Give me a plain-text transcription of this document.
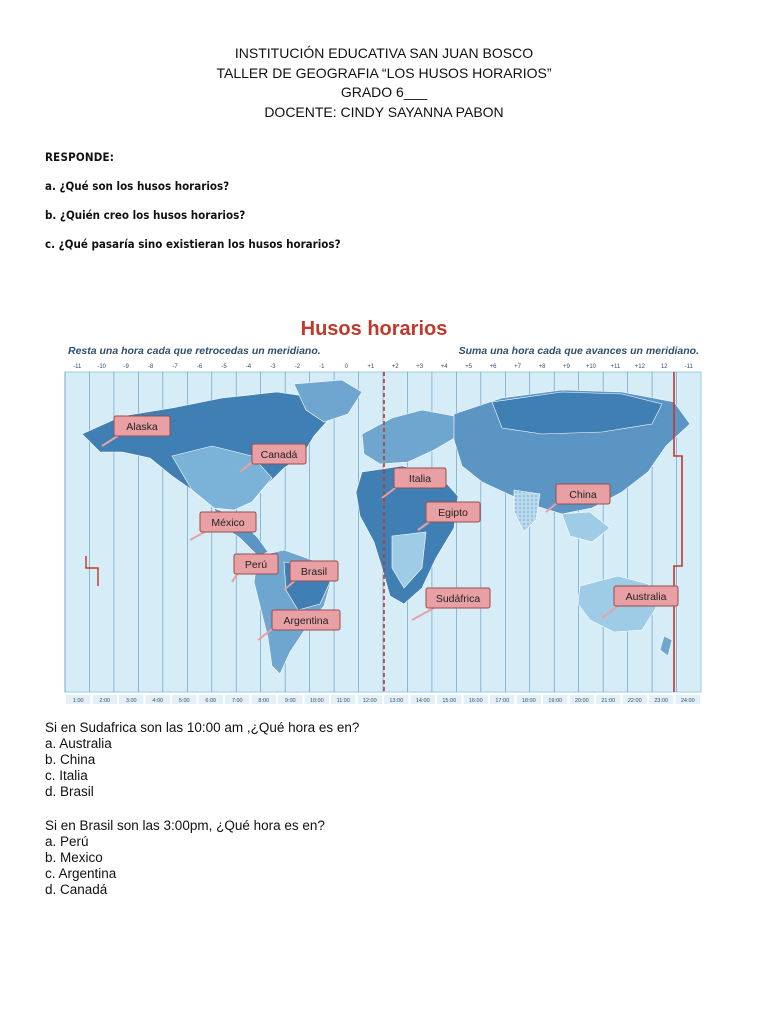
INSTITUCIÓN EDUCATIVA SAN JUAN BOSCO
TALLER DE GEOGRAFIA “LOS HUSOS HORARIOS”
GRADO 6___
DOCENTE: CINDY SAYANNA PABON
RESPONDE:
a. ¿Qué son los husos horarios?
b. ¿Quién creo los husos horarios?
c. ¿Qué pasaría sino existieran los husos horarios?
Husos horarios
Resta una hora cada que retrocedas un meridiano.	Suma una hora cada que avances un meridiano.
-11	-10	-9	-8	-7	-6	-5	-4	-3	-2	-1	0	+1	+2	+3	+4	+5	+6	+7	+8	+9	+10 +11 +12	12	-11
1:00	2:00	3:00	4:00	5:00	6:00	7:00	8:00	9:00	10:00 11:00 12:00 13:00 14:00 15:00 16:00 17:00 18:00 19:00 20:00 21:00 22:00 23:00 24:00
Alaska
Canadá
México
Perú
Brasil
Argentina
Italia
Egipto
Sudáfrica
China
Australia
Si en Sudafrica son las 10:00 am ,¿Qué hora es en?
a. Australia
b. China
c. Italia
d. Brasil
Si en Brasil son las 3:00pm, ¿Qué hora es en?
a. Perú
b. Mexico
c. Argentina
d. Canadá
